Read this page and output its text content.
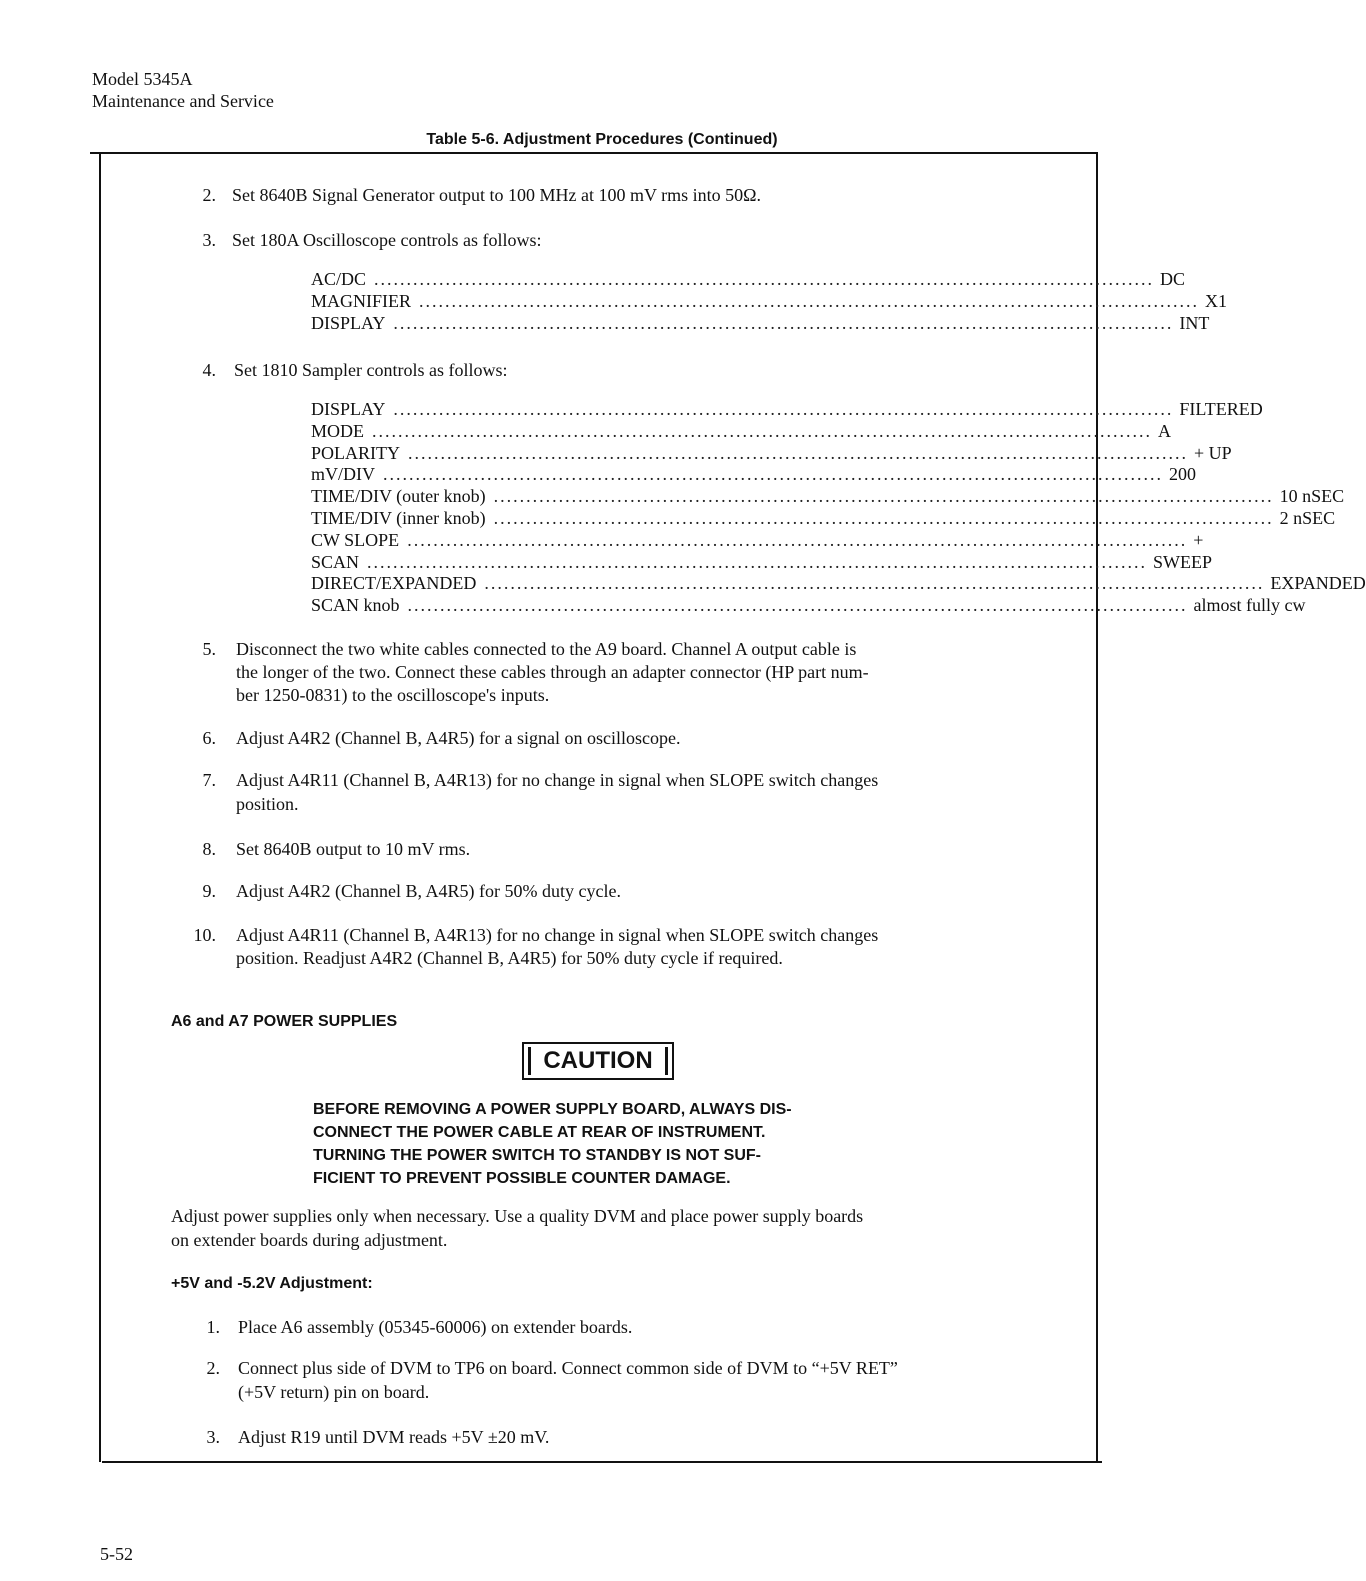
Model 5345A
Maintenance and Service
Table 5-6. Adjustment Procedures (Continued)
2. Set 8640B Signal Generator output to 100 MHz at 100 mV rms into 50Ω.
3. Set 180A Oscilloscope controls as follows:
AC/DC ........................................................................................................................ DC
MAGNIFIER ........................................................................................................................ X1
DISPLAY ........................................................................................................................ INT
4. Set 1810 Sampler controls as follows:
DISPLAY ........................................................................................................................ FILTERED
MODE ........................................................................................................................ A
POLARITY ........................................................................................................................ + UP
mV/DIV ........................................................................................................................ 200
TIME/DIV (outer knob) ........................................................................................................................ 10 nSEC
TIME/DIV (inner knob) ........................................................................................................................ 2 nSEC
CW SLOPE ........................................................................................................................ +
SCAN ........................................................................................................................ SWEEP
DIRECT/EXPANDED ........................................................................................................................ EXPANDED
SCAN knob ........................................................................................................................ almost fully cw
5. Disconnect the two white cables connected to the A9 board. Channel A output cable is
the longer of the two. Connect these cables through an adapter connector (HP part num-
ber 1250-0831) to the oscilloscope's inputs.
6. Adjust A4R2 (Channel B, A4R5) for a signal on oscilloscope.
7. Adjust A4R11 (Channel B, A4R13) for no change in signal when SLOPE switch changes
position.
8. Set 8640B output to 10 mV rms.
9. Adjust A4R2 (Channel B, A4R5) for 50% duty cycle.
10. Adjust A4R11 (Channel B, A4R13) for no change in signal when SLOPE switch changes
position. Readjust A4R2 (Channel B, A4R5) for 50% duty cycle if required.
A6 and A7 POWER SUPPLIES
CAUTION
BEFORE REMOVING A POWER SUPPLY BOARD, ALWAYS DIS-
CONNECT THE POWER CABLE AT REAR OF INSTRUMENT.
TURNING THE POWER SWITCH TO STANDBY IS NOT SUF-
FICIENT TO PREVENT POSSIBLE COUNTER DAMAGE.
Adjust power supplies only when necessary. Use a quality DVM and place power supply boards
on extender boards during adjustment.
+5V and -5.2V Adjustment:
1. Place A6 assembly (05345-60006) on extender boards.
2. Connect plus side of DVM to TP6 on board. Connect common side of DVM to “+5V RET”
(+5V return) pin on board.
3. Adjust R19 until DVM reads +5V ±20 mV.
5-52
